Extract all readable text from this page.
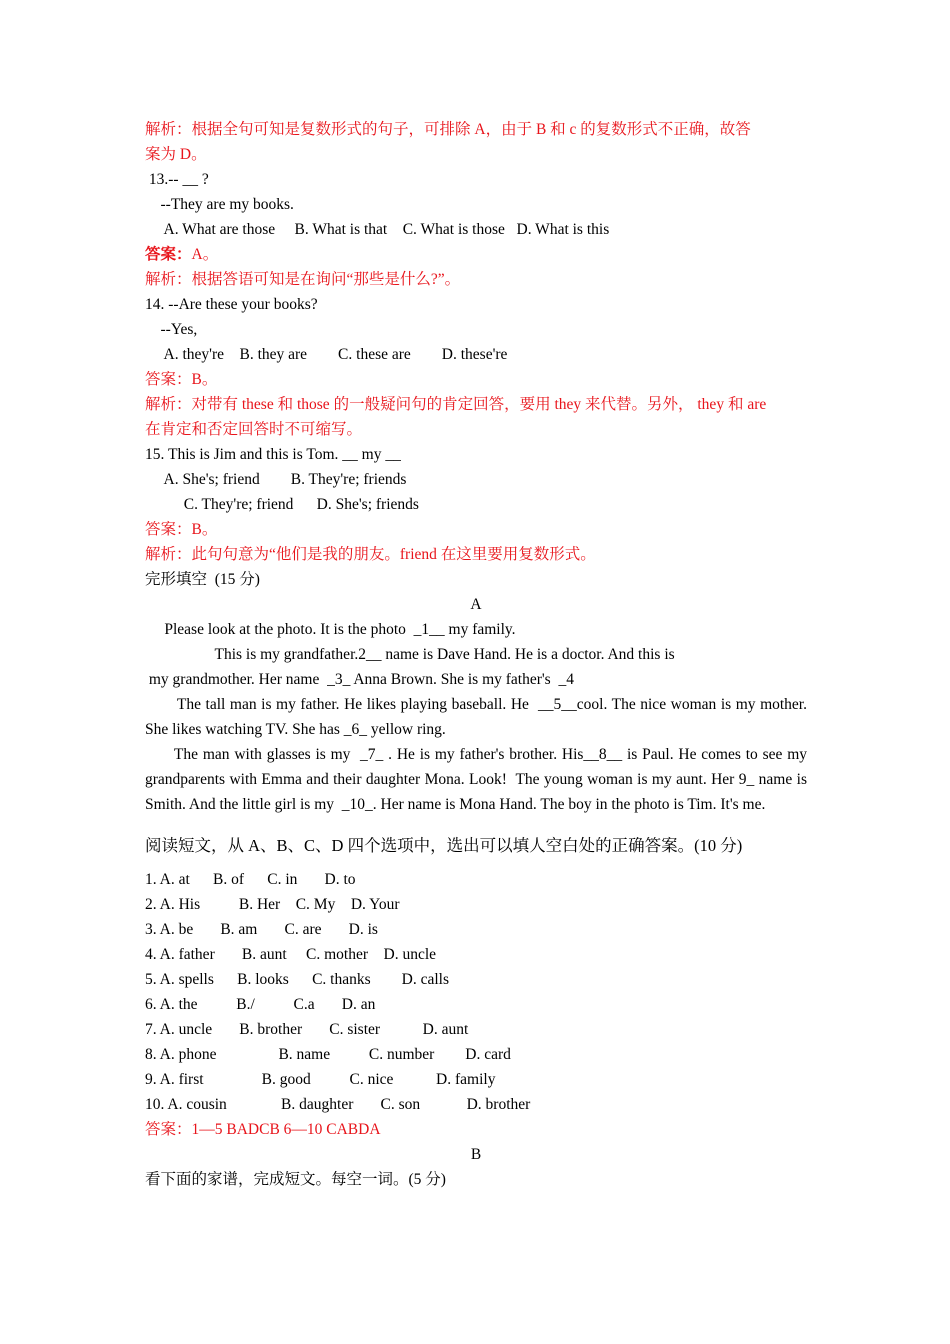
解析：根据全句可知是复数形式的句子，可排除 A，由于 B 和 c 的复数形式不正确，故答
案为 D。
13.-- __ ?
--They are my books.
A. What are those     B. What is that    C. What is those   D. What is this
答案：A。
解析：根据答语可知是在询问“那些是什么?”。
14. --Are these your books?
--Yes,
A. they're    B. they are        C. these are        D. these're
答案：B。
解析：对带有 these 和 those 的一般疑问句的肯定回答，要用 they 来代替。另外， they 和 are
在肯定和否定回答时不可缩写。
15. This is Jim and this is Tom. __ my __
A. She's; friend        B. They're; friends
C. They're; friend      D. She's; friends
答案：B。
解析：此句句意为“他们是我的朋友。friend 在这里要用复数形式。
完形填空  (15 分)
A
Please look at the photo. It is the photo  _1__ my family.
This is my grandfather.2__ name is Dave Hand. He is a doctor. And this is
my grandmother. Her name  _3_ Anna Brown. She is my father's  _4
The tall man is my father. He likes playing baseball. He  __5__cool. The nice woman is my mother. She likes watching TV. She has _6_ yellow ring.
The man with glasses is my  _7_ . He is my father's brother. His__8__ is Paul. He comes to see my grandparents with Emma and their daughter Mona. Look!  The young woman is my aunt. Her 9_ name is Smith. And the little girl is my  _10_. Her name is Mona Hand. The boy in the photo is Tim. It's me.
阅读短文，从 A、B、C、D 四个选项中，选出可以填人空白处的正确答案。(10 分)
1. A. at      B. of      C. in       D. to
2. A. His          B. Her    C. My    D. Your
3. A. be       B. am       C. are       D. is
4. A. father       B. aunt     C. mother    D. uncle
5. A. spells      B. looks      C. thanks        D. calls
6. A. the          B./          C.a       D. an
7. A. uncle       B. brother       C. sister           D. aunt
8. A. phone                B. name          C. number        D. card
9. A. first               B. good          C. nice           D. family
10. A. cousin              B. daughter       C. son            D. brother
答案：1—5 BADCB 6—10 CABDA
B
看下面的家谱，完成短文。每空一词。(5 分)
